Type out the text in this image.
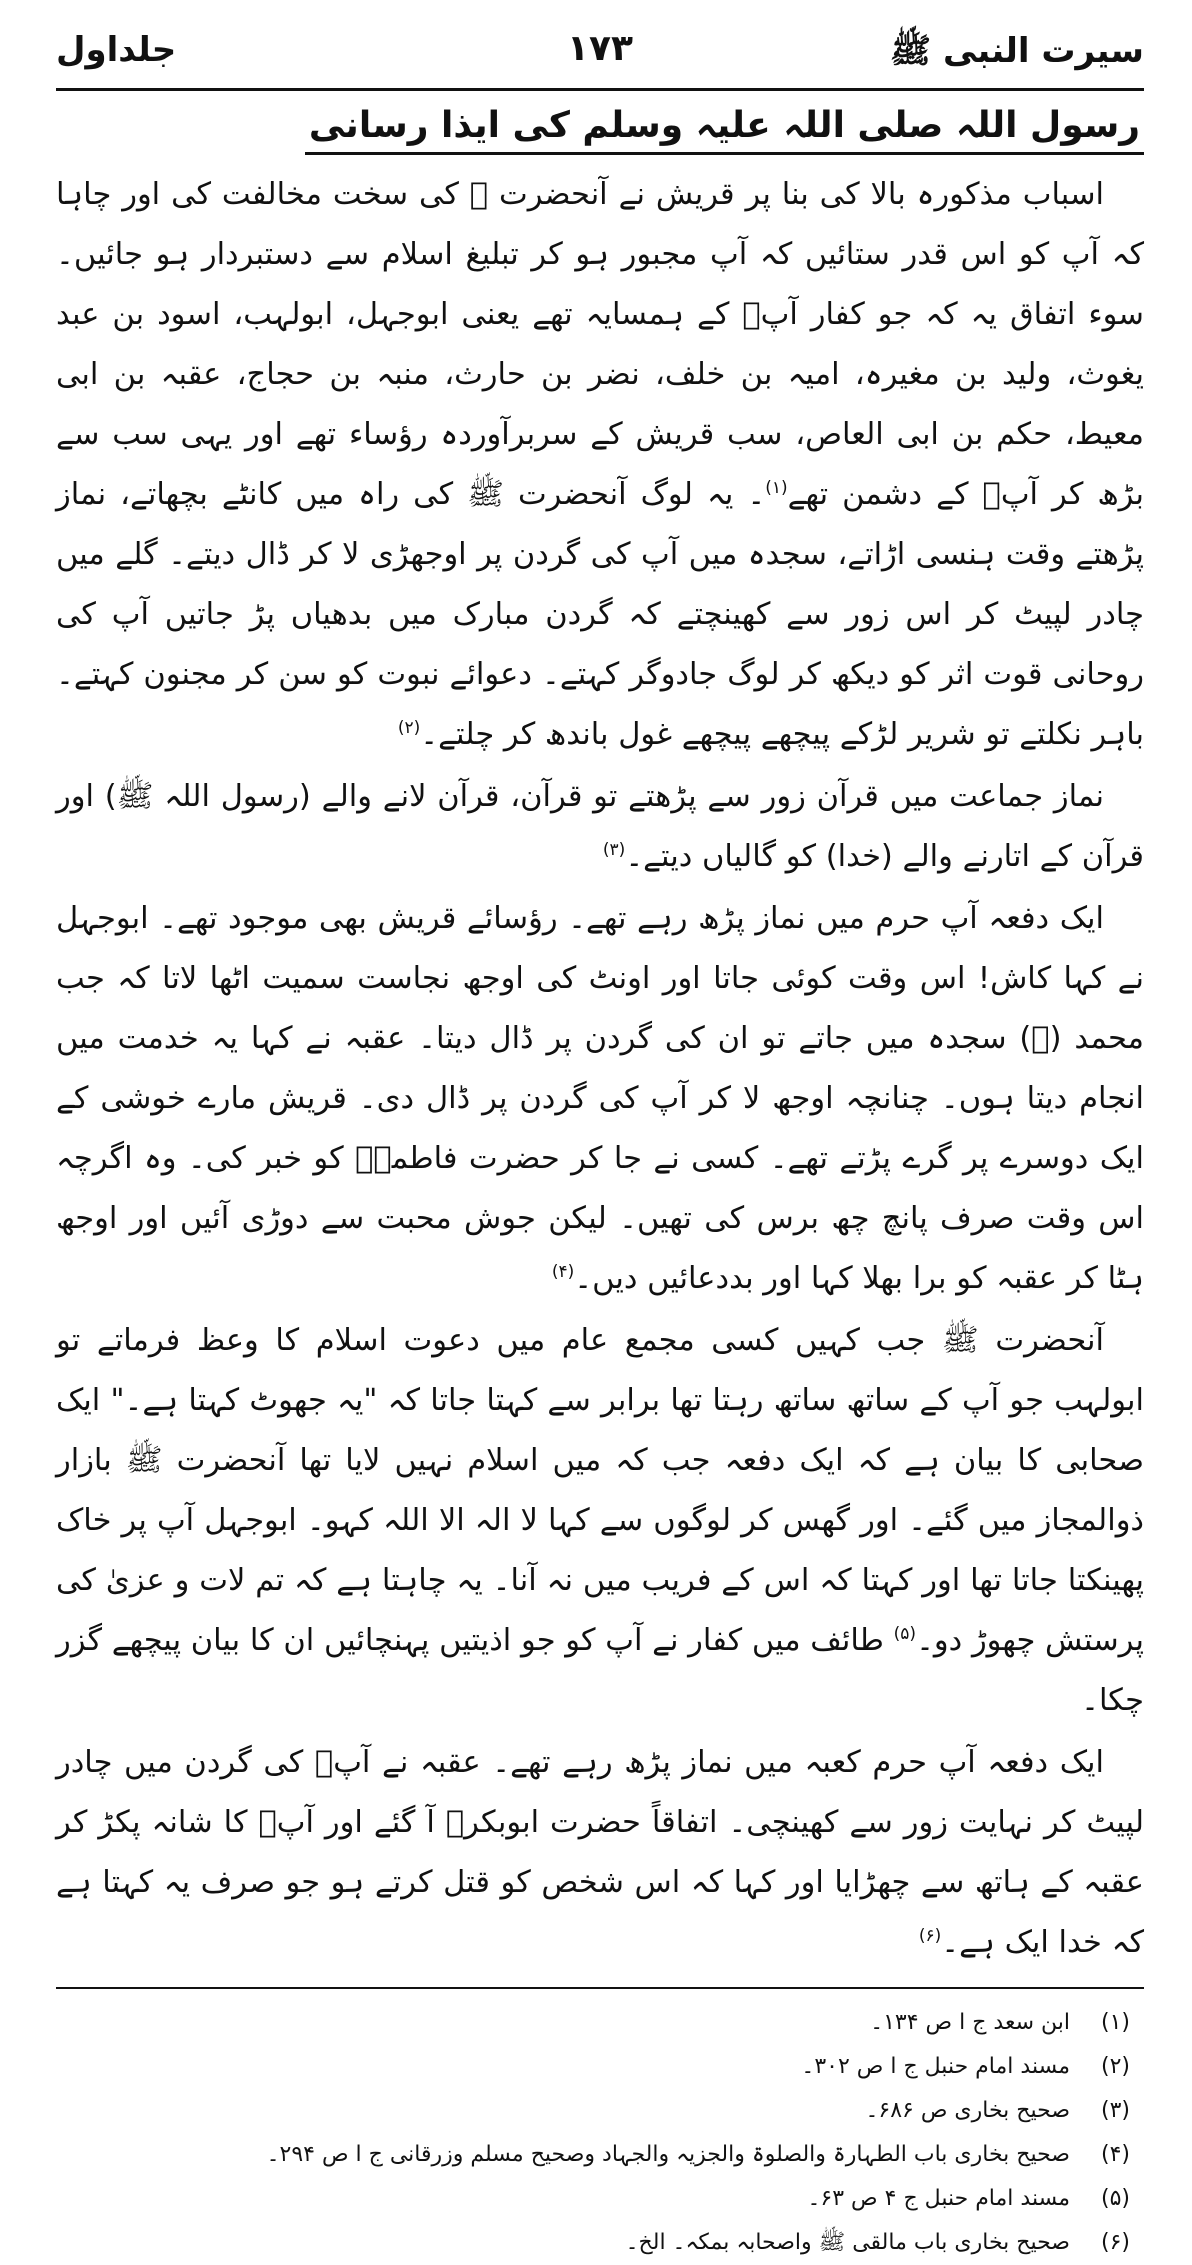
سیرت النبی ﷺ
١٧٣
جلداول
رسول اللہ صلی اللہ علیہ وسلم کی ایذا رسانی

اسباب مذکورہ بالا کی بنا پر قریش نے آنحضرت ﷺ کی سخت مخالفت کی اور چاہا کہ آپ کو اس قدر ستائیں کہ آپ مجبور ہو کر تبلیغ اسلام سے دستبردار ہو جائیں۔ سوء اتفاق یہ کہ جو کفار آپؐ کے ہمسایہ تھے یعنی ابوجہل، ابولہب، اسود بن عبد یغوث، ولید بن مغیرہ، امیہ بن خلف، نضر بن حارث، منبہ بن حجاج، عقبہ بن ابی معیط، حکم بن ابی العاص، سب قریش کے سربرآوردہ رؤساء تھے اور یہی سب سے بڑھ کر آپؐ کے دشمن تھے$^{(۱)}$۔ یہ لوگ آنحضرت ﷺ کی راہ میں کانٹے بچھاتے، نماز پڑھتے وقت ہنسی اڑاتے، سجدہ میں آپ کی گردن پر اوجھڑی لا کر ڈال دیتے۔ گلے میں چادر لپیٹ کر اس زور سے کھینچتے کہ گردن مبارک میں بدھیاں پڑ جاتیں آپ کی روحانی قوت اثر کو دیکھ کر لوگ جادوگر کہتے۔ دعوائے نبوت کو سن کر مجنون کہتے۔ باہر نکلتے تو شریر لڑکے پیچھے پیچھے غول باندھ کر چلتے۔$^{(۲)}$

نماز جماعت میں قرآن زور سے پڑھتے تو قرآن، قرآن لانے والے (رسول اللہ ﷺ) اور قرآن کے اتارنے والے (خدا) کو گالیاں دیتے۔$^{(۳)}$

ایک دفعہ آپ حرم میں نماز پڑھ رہے تھے۔ رؤسائے قریش بھی موجود تھے۔ ابوجہل نے کہا کاش! اس وقت کوئی جاتا اور اونٹ کی اوجھ نجاست سمیت اٹھا لاتا کہ جب محمد (ﷺ) سجدہ میں جاتے تو ان کی گردن پر ڈال دیتا۔ عقبہ نے کہا یہ خدمت میں انجام دیتا ہوں۔ چنانچہ اوجھ لا کر آپ کی گردن پر ڈال دی۔ قریش مارے خوشی کے ایک دوسرے پر گرے پڑتے تھے۔ کسی نے جا کر حضرت فاطمہؓ کو خبر کی۔ وہ اگرچہ اس وقت صرف پانچ چھ برس کی تھیں۔ لیکن جوش محبت سے دوڑی آئیں اور اوجھ ہٹا کر عقبہ کو برا بھلا کہا اور بددعائیں دیں۔$^{(۴)}$

آنحضرت ﷺ جب کہیں کسی مجمع عام میں دعوت اسلام کا وعظ فرماتے تو ابولہب جو آپ کے ساتھ ساتھ رہتا تھا برابر سے کہتا جاتا کہ "یہ جھوٹ کہتا ہے۔" ایک صحابی کا بیان ہے کہ ایک دفعہ جب کہ میں اسلام نہیں لایا تھا آنحضرت ﷺ بازار ذوالمجاز میں گئے۔ اور گھس کر لوگوں سے کہا لا الہ الا اللہ کہو۔ ابوجہل آپ پر خاک پھینکتا جاتا تھا اور کہتا کہ اس کے فریب میں نہ آنا۔ یہ چاہتا ہے کہ تم لات و عزیٰ کی پرستش چھوڑ دو۔$^{(۵)}$ طائف میں کفار نے آپ کو جو اذیتیں پہنچائیں ان کا بیان پیچھے گزر چکا۔

ایک دفعہ آپ حرم کعبہ میں نماز پڑھ رہے تھے۔ عقبہ نے آپؐ کی گردن میں چادر لپیٹ کر نہایت زور سے کھینچی۔ اتفاقاً حضرت ابوبکرؓ آ گئے اور آپؐ کا شانہ پکڑ کر عقبہ کے ہاتھ سے چھڑایا اور کہا کہ اس شخص کو قتل کرتے ہو جو صرف یہ کہتا ہے کہ خدا ایک ہے۔$^{(۶)}$

(۱)
ابن سعد ج ا ص ۱۳۴۔
(۲)
مسند امام حنبل ج ا ص ۳۰۲۔
(۳)
صحیح بخاری ص ۶۸۶۔
(۴)
صحیح بخاری باب الطہارۃ والصلوۃ والجزیہ والجہاد وصحیح مسلم وزرقانی ج ا ص ۲۹۴۔
(۵)
مسند امام حنبل ج ۴ ص ۶۳۔
(۶)
صحیح بخاری باب مالقی ﷺ واصحابہ بمکہ۔ الخ۔
